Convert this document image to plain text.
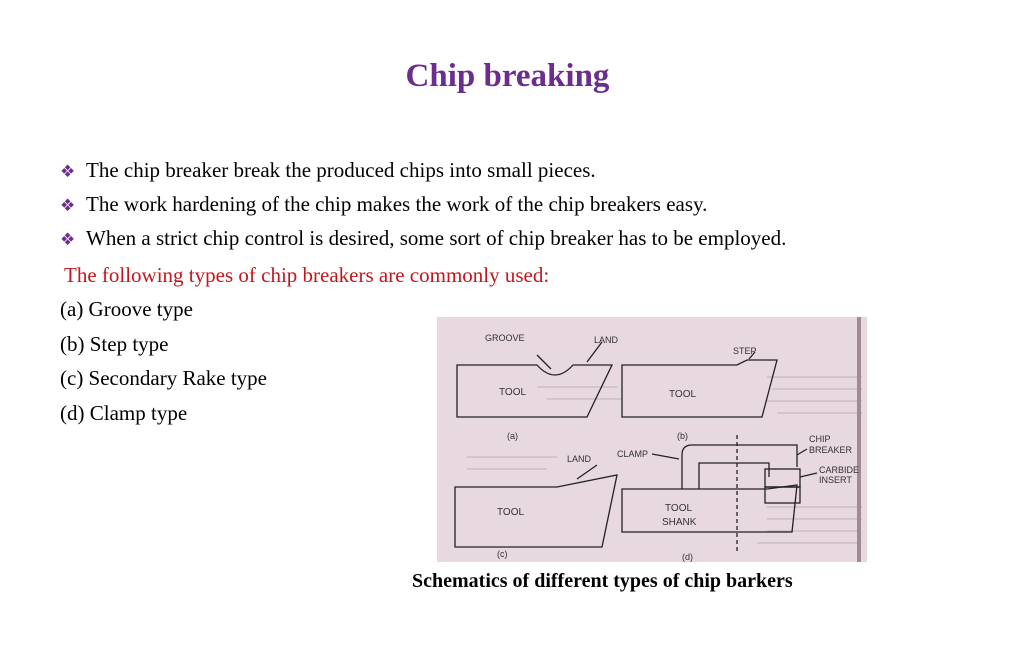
Chip breaking
❖ The chip breaker break the produced chips into small pieces.
❖ The work hardening of the chip makes the work of the chip breakers easy.
❖ When a strict chip control is desired, some sort of chip breaker has to be employed.
The following types of chip breakers are commonly used:
(a) Groove type
(b) Step type
(c) Secondary Rake type
(d) Clamp type
GROOVE	LAND
TOOL
(a)
STEP
TOOL
(b)
LAND
TOOL
(c)
CLAMP
CHIP
BREAKER
CARBIDE
INSERT
TOOL
SHANK
(d)
Schematics of different types of chip barkers
